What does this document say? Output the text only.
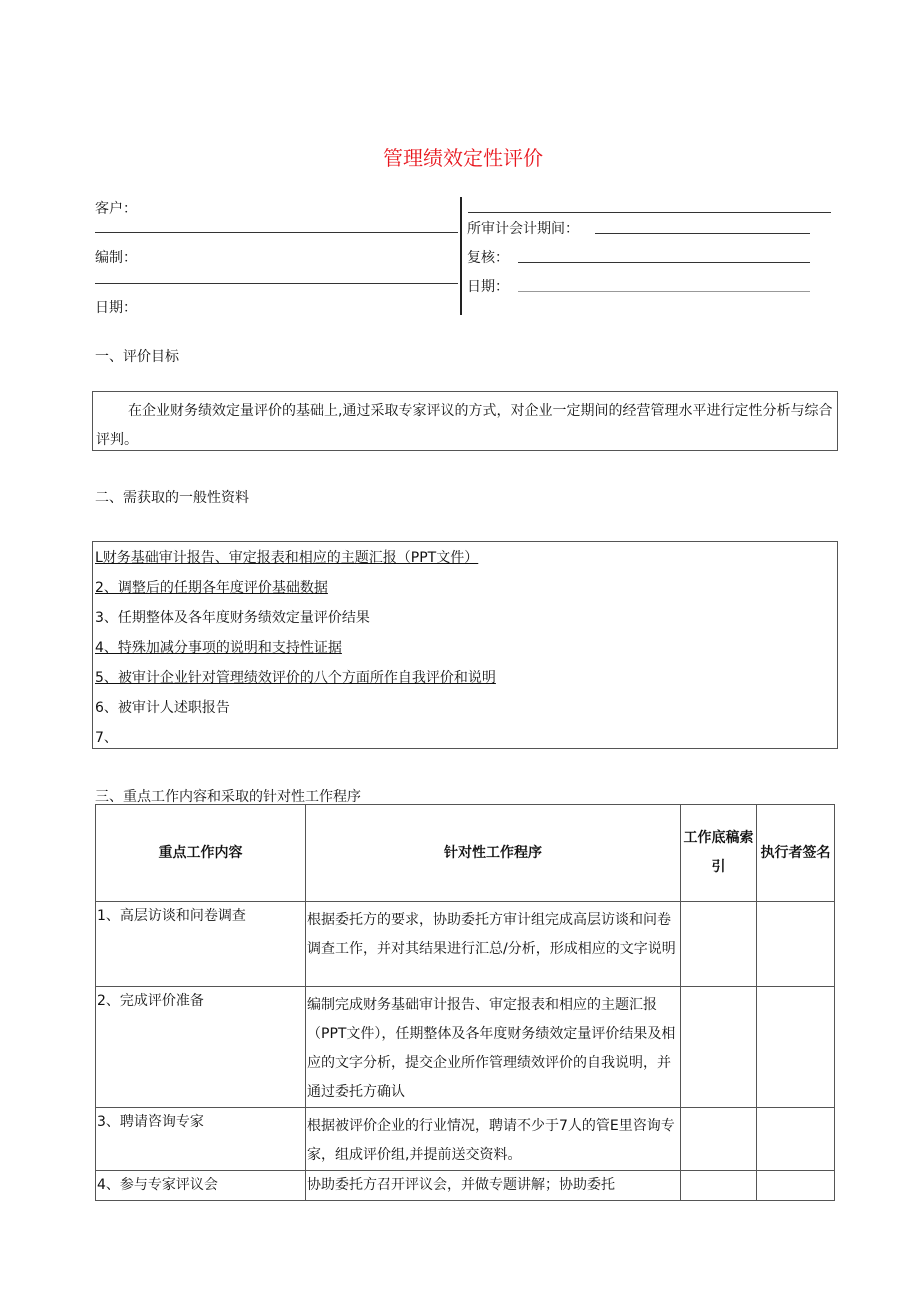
管理绩效定性评价
客户：
编制：
日期：
所审计会计期间：
复核：
日期：
一、评价目标
在企业财务绩效定量评价的基础上,通过采取专家评议的方式，对企业一定期间的经营管理水平进行定性分析与综合评判。
二、需获取的一般性资料
L财务基础审计报告、审定报表和相应的主题汇报（PPT文件）
2、调整后的任期各年度评价基础数据
3、任期整体及各年度财务绩效定量评价结果
4、特殊加减分事项的说明和支持性证据
5、被审计企业针对管理绩效评价的八个方面所作自我评价和说明
6、被审计人述职报告
7、
三、重点工作内容和采取的针对性工作程序
重点工作内容	针对性工作程序	工作底稿索引	执行者签名
1、高层访谈和问卷调查	根据委托方的要求，协助委托方审计组完成高层访谈和问卷调查工作，并对其结果进行汇总/分析，形成相应的文字说明		
2、完成评价准备	编制完成财务基础审计报告、审定报表和相应的主题汇报（PPT文件），任期整体及各年度财务绩效定量评价结果及相应的文字分析，提交企业所作管理绩效评价的自我说明，并通过委托方确认		
3、聘请咨询专家	根据被评价企业的行业情况，聘请不少于7人的管E里咨询专家，组成评价组,并提前送交资料。		
4、参与专家评议会	协助委托方召开评议会，并做专题讲解；协助委托		
